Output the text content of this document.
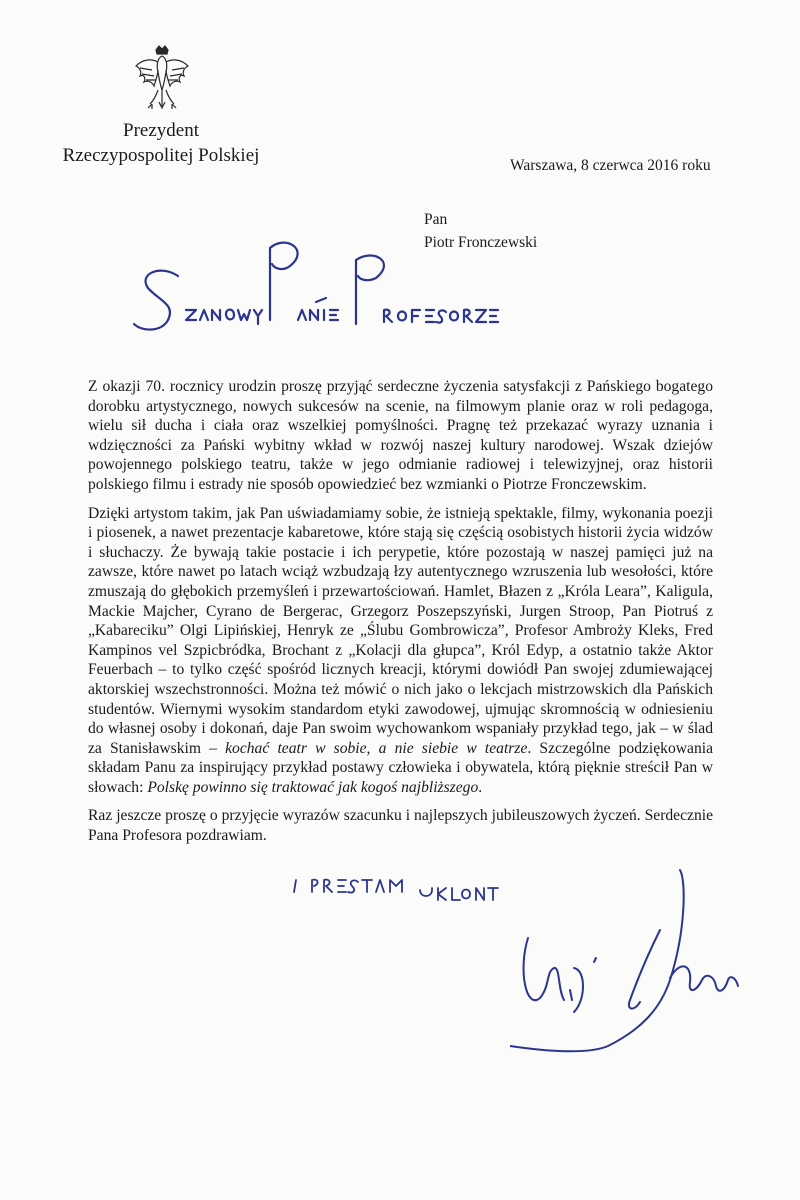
Prezydent
Rzeczypospolitej Polskiej	Warszawa, 8 czerwca 2016 roku
Pan
Piotr Fronczewski

Z okazji 70. rocznicy urodzin proszę przyjąć serdeczne życzenia satysfakcji z Pańskiego bogatego dorobku artystycznego, nowych sukcesów na scenie, na filmowym planie oraz w roli pedagoga, wielu sił ducha i ciała oraz wszelkiej pomyślności. Pragnę też przekazać wyrazy uznania i wdzięczności za Pański wybitny wkład w rozwój naszej kultury narodowej. Wszak dziejów powojennego polskiego teatru, także w jego odmianie radiowej i telewizyjnej, oraz historii polskiego filmu i estrady nie sposób opowiedzieć bez wzmianki o Piotrze Fronczewskim.

Dzięki artystom takim, jak Pan uświadamiamy sobie, że istnieją spektakle, filmy, wykonania poezji i piosenek, a nawet prezentacje kabaretowe, które stają się częścią osobistych historii życia widzów i słuchaczy. Że bywają takie postacie i ich perypetie, które pozostają w naszej pamięci już na zawsze, które nawet po latach wciąż wzbudzają łzy autentycznego wzruszenia lub wesołości, które zmuszają do głębokich przemyśleń i przewartościowań. Hamlet, Błazen z „Króla Leara”, Kaligula, Mackie Majcher, Cyrano de Bergerac, Grzegorz Poszepszyński, Jurgen Stroop, Pan Piotruś z „Kabareciku” Olgi Lipińskiej, Henryk ze „Ślubu Gombrowicza”, Profesor Ambroży Kleks, Fred Kampinos vel Szpicbródka, Brochant z „Kolacji dla głupca”, Król Edyp, a ostatnio także Aktor Feuerbach – to tylko część spośród licznych kreacji, którymi dowiódł Pan swojej zdumiewającej aktorskiej wszechstronności. Można też mówić o nich jako o lekcjach mistrzowskich dla Pańskich studentów. Wiernymi wysokim standardom etyki zawodowej, ujmując skromnością w odniesieniu do własnej osoby i dokonań, daje Pan swoim wychowankom wspaniały przykład tego, jak – w ślad za Stanisławskim – kochać teatr w sobie, a nie siebie w teatrze. Szczególne podziękowania składam Panu za inspirujący przykład postawy człowieka i obywatela, którą pięknie streścił Pan w słowach: Polskę powinno się traktować jak kogoś najbliższego.

Raz jeszcze proszę o przyjęcie wyrazów szacunku i najlepszych jubileuszowych życzeń. Serdecznie Pana Profesora pozdrawiam.
